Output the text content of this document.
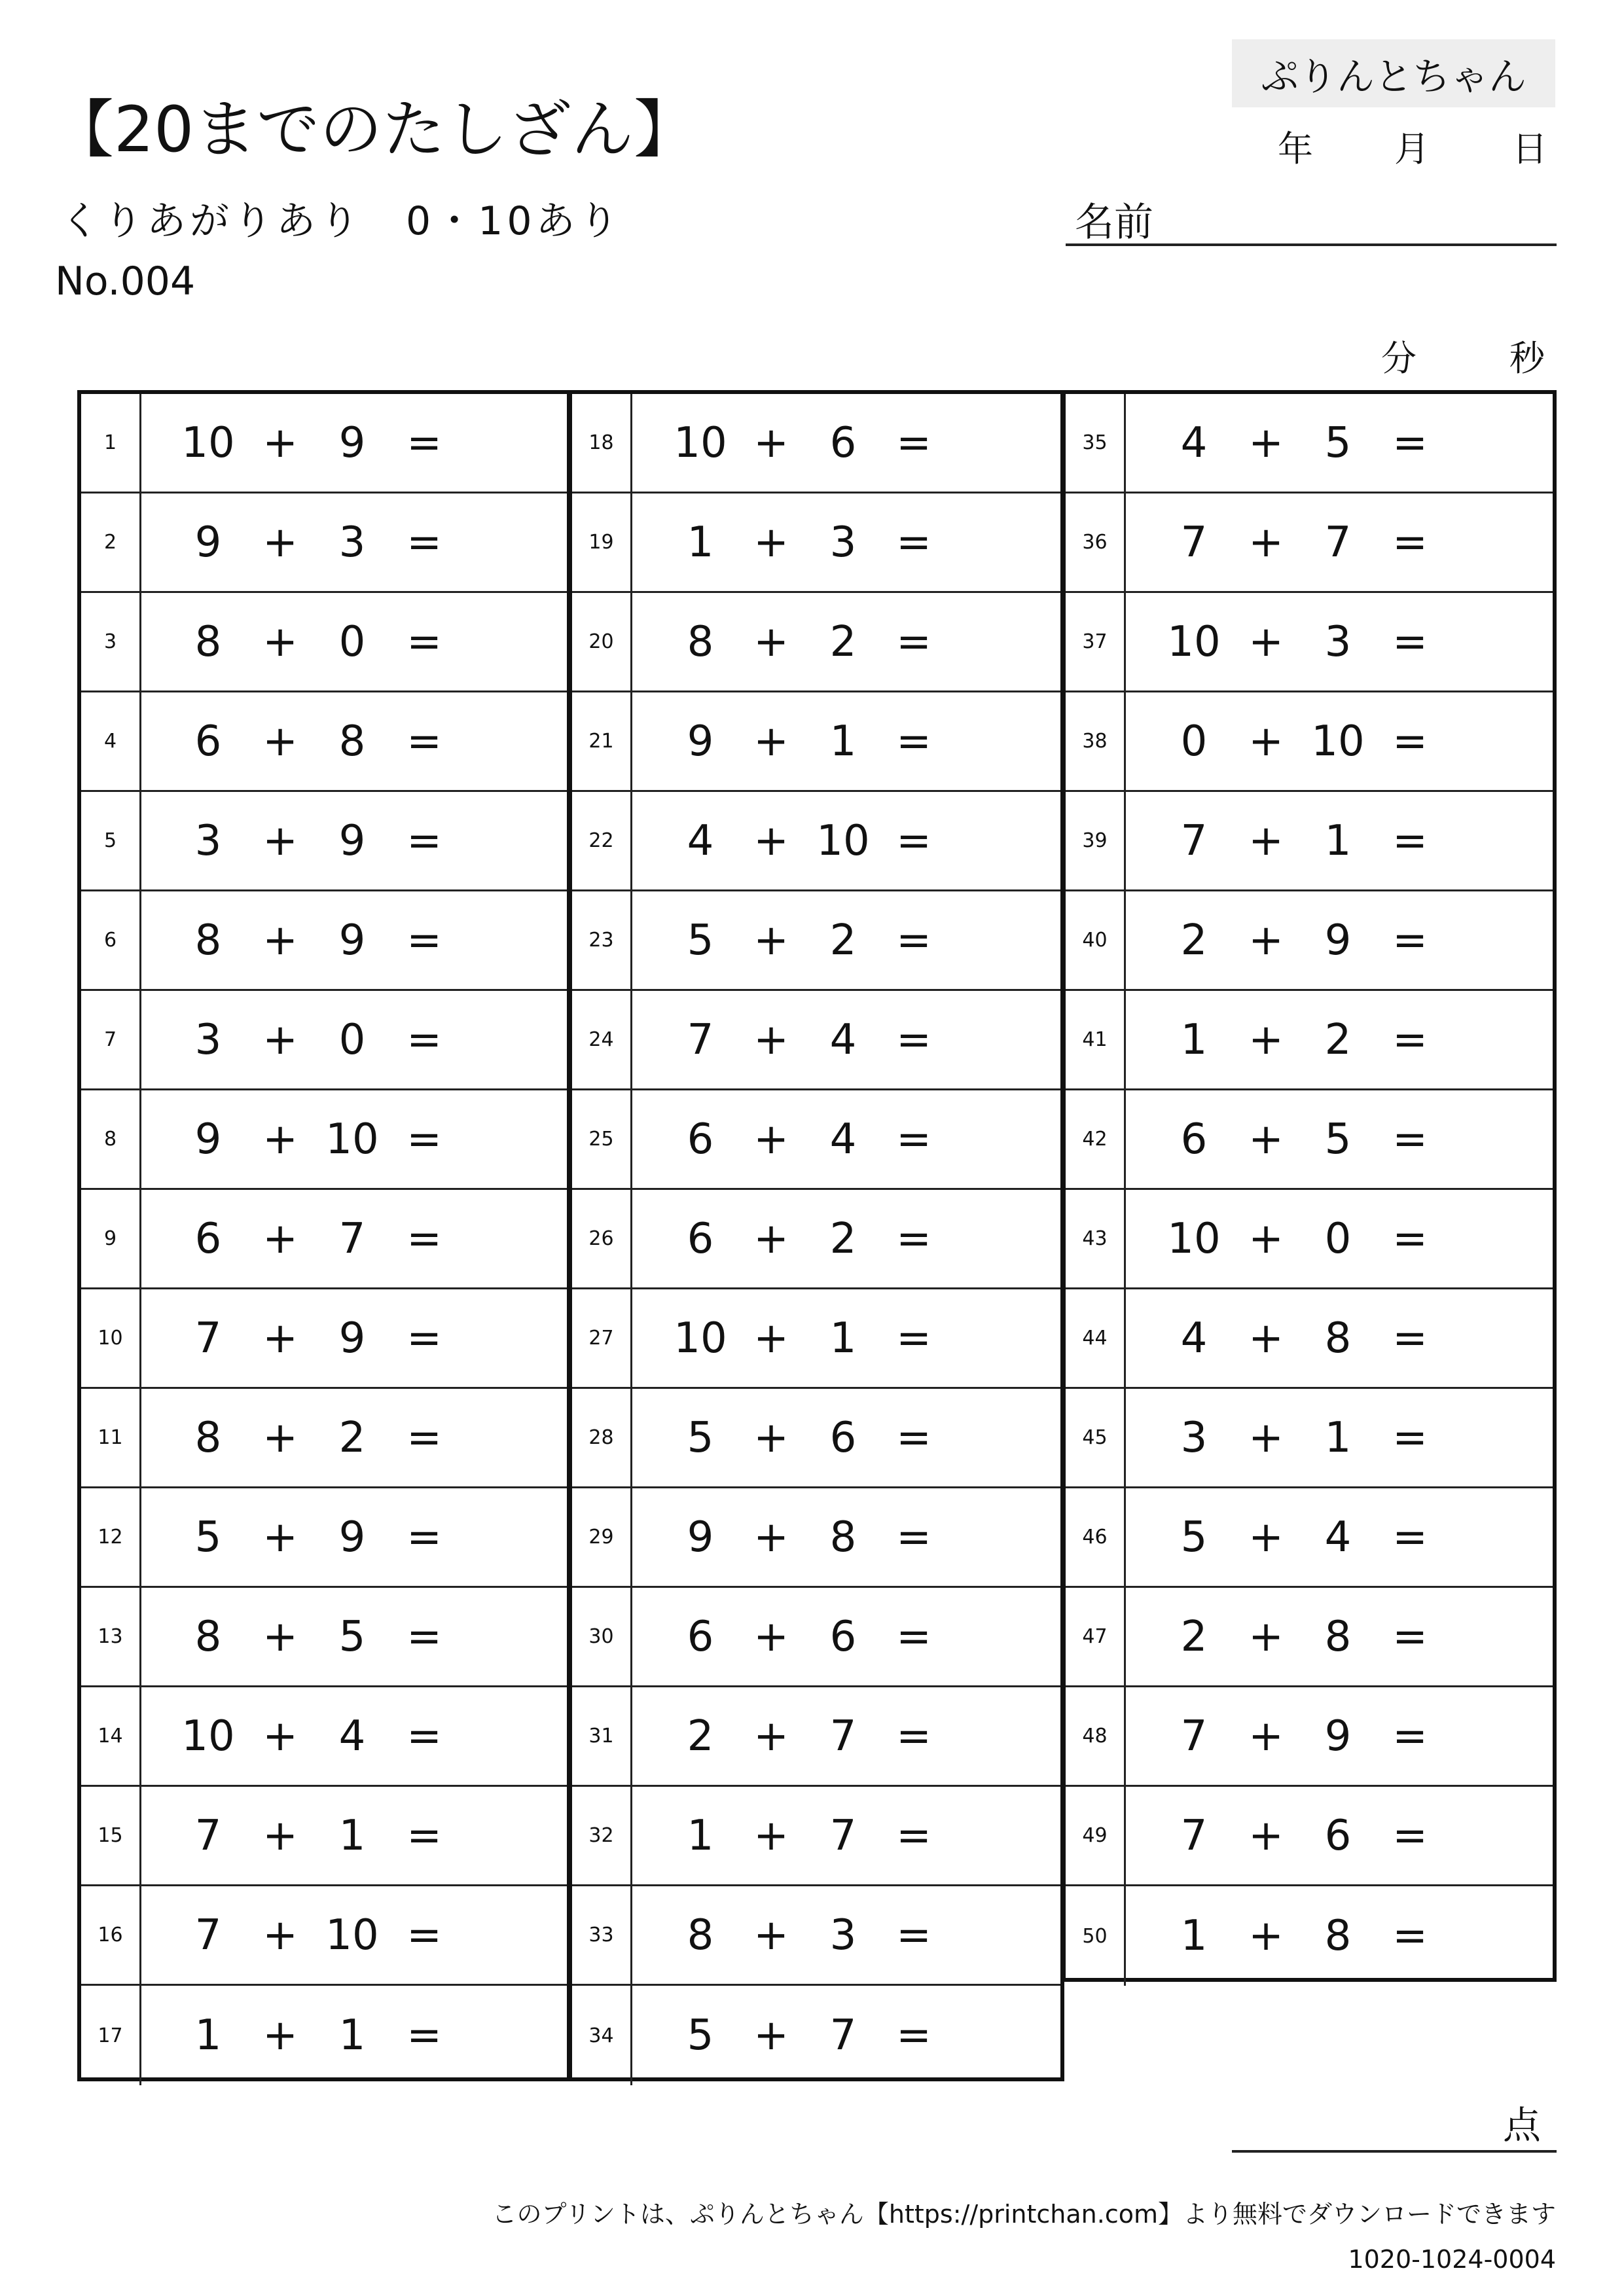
【20までのたしざん】
くりあがりあり　0・10あり
No.004
ぷりんとちゃん
年 月 日
名前
分	秒
1	10 + 9 =
2	9 + 3 =
3	8 + 0 =
4	6 + 8 =
5	3 + 9 =
6	8 + 9 =
7	3 + 0 =
8	9 + 10 =
9	6 + 7 =
10	7 + 9 =
11	8 + 2 =
12	5 + 9 =
13	8 + 5 =
14	10 + 4 =
15	7 + 1 =
16	7 + 10 =
17	1 + 1 =
18	10 + 6 =
19	1 + 3 =
20	8 + 2 =
21	9 + 1 =
22	4 + 10 =
23	5 + 2 =
24	7 + 4 =
25	6 + 4 =
26	6 + 2 =
27	10 + 1 =
28	5 + 6 =
29	9 + 8 =
30	6 + 6 =
31	2 + 7 =
32	1 + 7 =
33	8 + 3 =
34	5 + 7 =
35	4 + 5 =
36	7 + 7 =
37	10 + 3 =
38	0 + 10 =
39	7 + 1 =
40	2 + 9 =
41	1 + 2 =
42	6 + 5 =
43	10 + 0 =
44	4 + 8 =
45	3 + 1 =
46	5 + 4 =
47	2 + 8 =
48	7 + 9 =
49	7 + 6 =
50	1 + 8 =
点
このプリントは、ぷりんとちゃん【https://printchan.com】より無料でダウンロードできます
1020-1024-0004
